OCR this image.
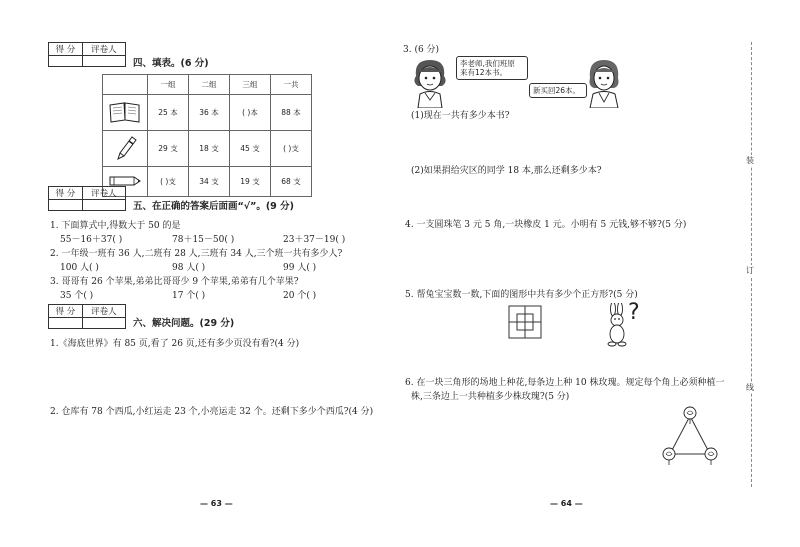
得 分	评卷人

四、填表。(6 分)
	一组	二组	三组	一共
	25 本	36 本	( )本	88 本
	29 支	18 支	45 支	( )支
	( )支	34 支	19 支	68 支
得 分	评卷人

五、在正确的答案后面画“√”。(9 分)
1. 下面算式中,得数大于 50 的是
55－16＋37( )	78＋15－50( )	23＋37－19( )
2. 一年级一班有 36 人,二班有 28 人,三班有 34 人,三个班一共有多少人?
100 人( )	98 人( )	99 人( )
3. 哥哥有 26 个苹果,弟弟比哥哥少 9 个苹果,弟弟有几个苹果?
35 个( )	17 个( )	20 个( )
得 分	评卷人

六、解决问题。(29 分)
1.《海底世界》有 85 页,看了 26 页,还有多少页没有看?(4 分)
2. 仓库有 78 个西瓜,小红运走 23 个,小亮运走 32 个。还剩下多少个西瓜?(4 分)
— 63 —
3. (6 分)
李老师,我们班原
来有12本书。
新买回26本。
(1)现在一共有多少本书?
(2)如果捐给灾区的同学 18 本,那么还剩多少本?
4. 一支圆珠笔 3 元 5 角,一块橡皮 1 元。小明有 5 元钱,够不够?(5 分)
5. 帮兔宝宝数一数,下面的图形中共有多少个正方形?(5 分)
?
6. 在一块三角形的场地上种花,每条边上种 10 株玫瑰。规定每个角上必须种植一
株,三条边上一共种植多少株玫瑰?(5 分)
— 64 —
装
订
线
